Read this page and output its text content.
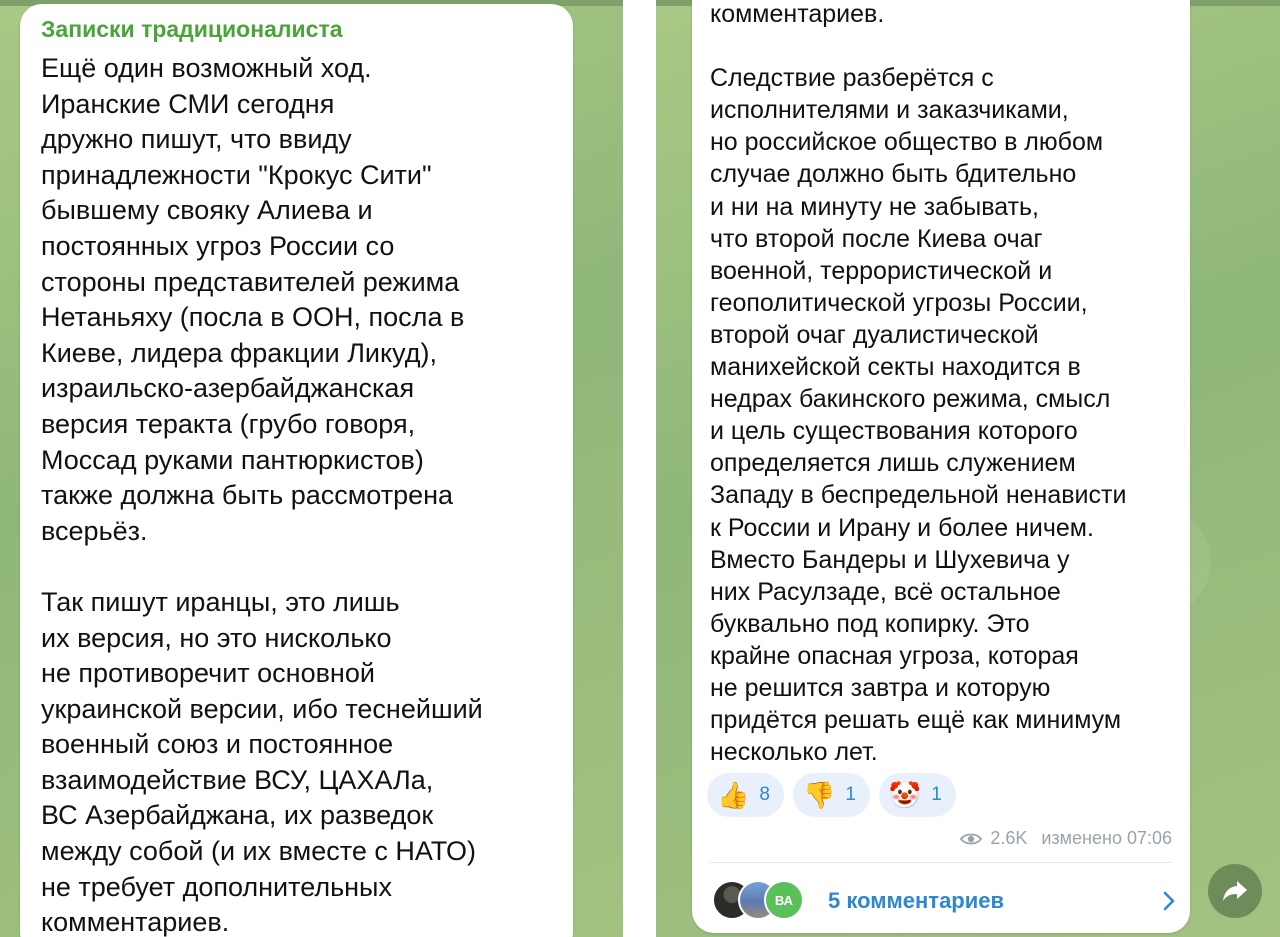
Записки традиционалиста
Ещё один возможный ход.
Иранские СМИ сегодня
дружно пишут, что ввиду
принадлежности "Крокус Сити"
бывшему свояку Алиева и
постоянных угроз России со
стороны представителей режима
Нетаньяху (посла в ООН, посла в
Киеве, лидера фракции Ликуд),
израильско-азербайджанская
версия теракта (грубо говоря,
Моссад руками пантюркистов)
также должна быть рассмотрена
всерьёз.

Так пишут иранцы, это лишь
их версия, но это нисколько
не противоречит основной
украинской версии, ибо теснейший
военный союз и постоянное
взаимодействие ВСУ, ЦАХАЛа,
ВС Азербайджана, их разведок
между собой (и их вместе с НАТО)
не требует дополнительных
комментариев.
комментариев.

Следствие разберётся с
исполнителями и заказчиками,
но российское общество в любом
случае должно быть бдительно
и ни на минуту не забывать,
что второй после Киева очаг
военной, террористической и
геополитической угрозы России,
второй очаг дуалистической
манихейской секты находится в
недрах бакинского режима, смысл
и цель существования которого
определяется лишь служением
Западу в беспредельной ненависти
к России и Ирану и более ничем.
Вместо Бандеры и Шухевича у
них Расулзаде, всё остальное
буквально под копирку. Это
крайне опасная угроза, которая
не решится завтра и которую
придётся решать ещё как минимум
несколько лет.
👍 8 👎 1 🤡 1
2.6K изменено 07:06
ВА 5 комментариев
